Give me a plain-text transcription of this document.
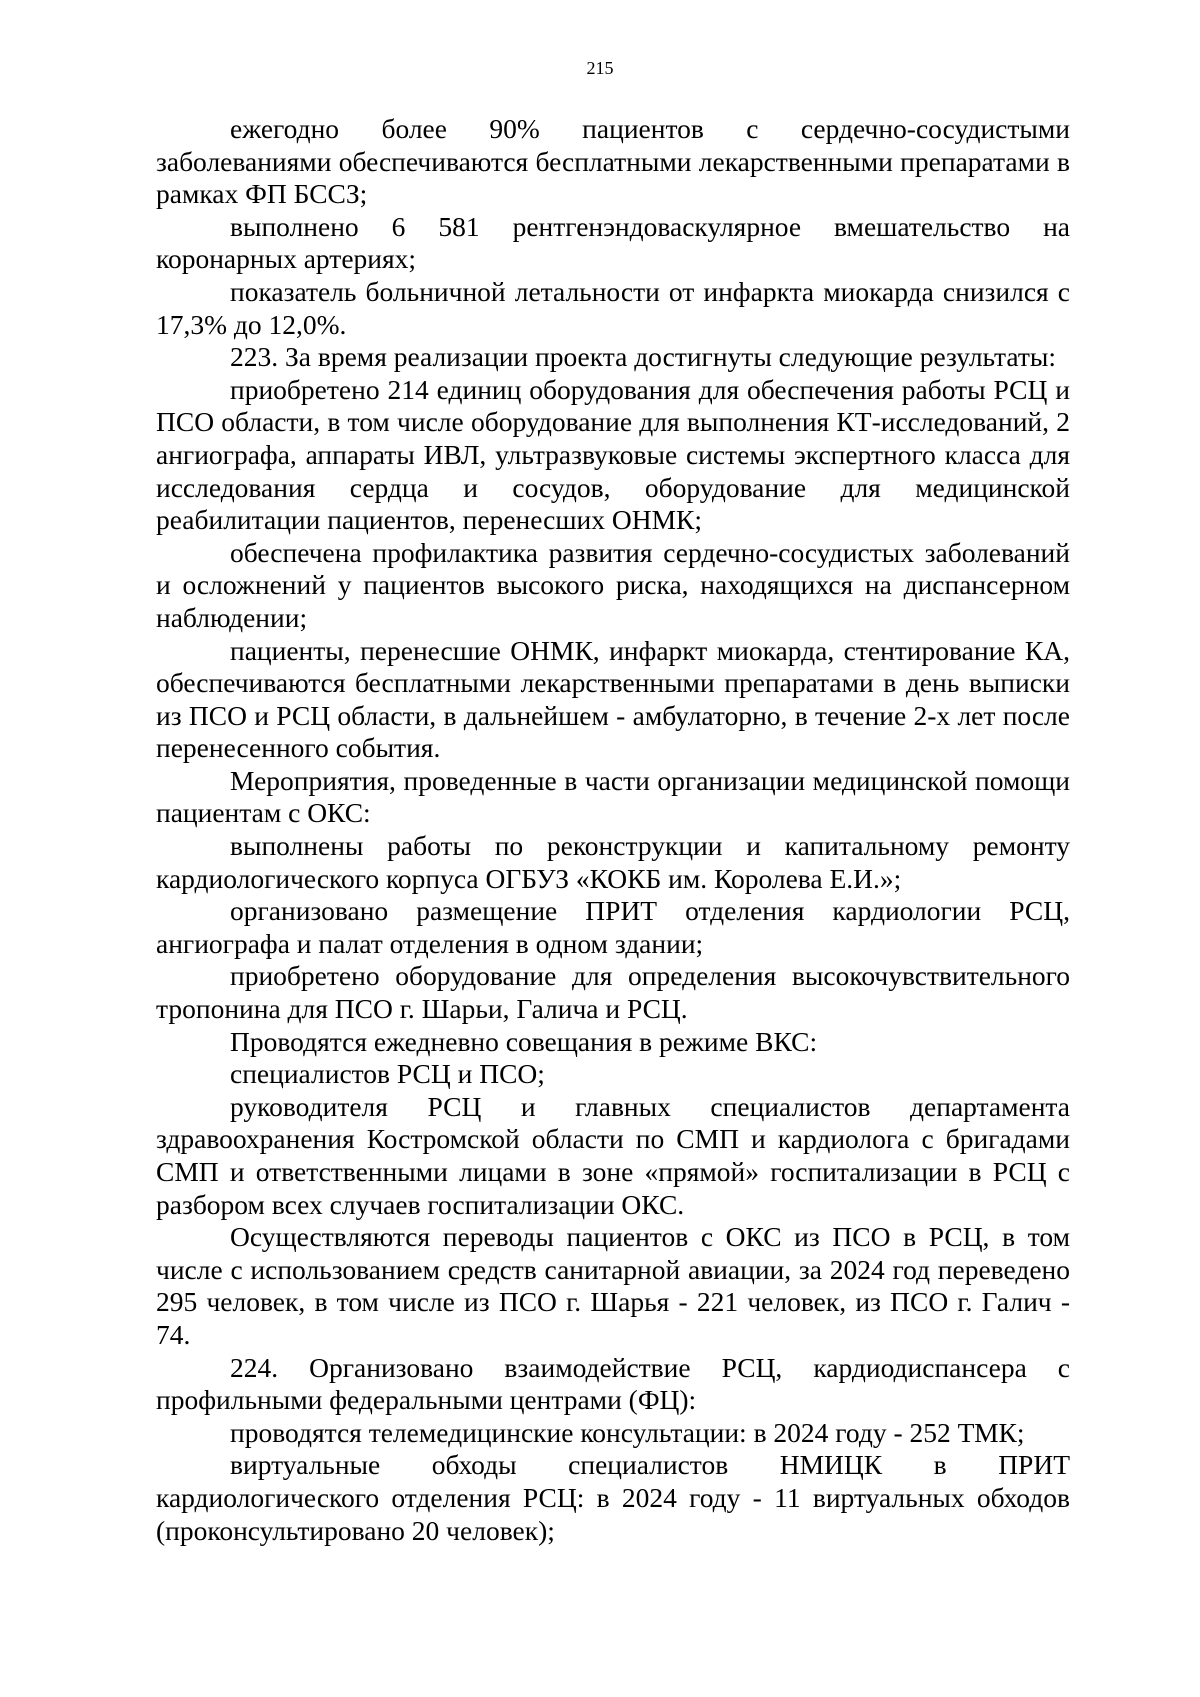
215

ежегодно более 90% пациентов с сердечно-сосудистыми заболеваниями обеспечиваются бесплатными лекарственными препаратами в рамках ФП БССЗ;

выполнено 6 581 рентгенэндоваскулярное вмешательство на коронарных артериях;

показатель больничной летальности от инфаркта миокарда снизился с 17,3% до 12,0%.

223. За время реализации проекта достигнуты следующие результаты:

приобретено 214 единиц оборудования для обеспечения работы РСЦ и ПСО области, в том числе оборудование для выполнения КТ-исследований, 2 ангиографа, аппараты ИВЛ, ультразвуковые системы экспертного класса для исследования сердца и сосудов, оборудование для медицинской реабилитации пациентов, перенесших ОНМК;

обеспечена профилактика развития сердечно-сосудистых заболеваний и осложнений у пациентов высокого риска, находящихся на диспансерном наблюдении;

пациенты, перенесшие ОНМК, инфаркт миокарда, стентирование КА, обеспечиваются бесплатными лекарственными препаратами в день выписки из ПСО и РСЦ области, в дальнейшем - амбулаторно, в течение 2-х лет после перенесенного события.

Мероприятия, проведенные в части организации медицинской помощи пациентам с ОКС:

выполнены работы по реконструкции и капитальному ремонту кардиологического корпуса ОГБУЗ «КОКБ им. Королева Е.И.»;

организовано размещение ПРИТ отделения кардиологии РСЦ, ангиографа и палат отделения в одном здании;

приобретено оборудование для определения высокочувствительного тропонина для ПСО г. Шарьи, Галича и РСЦ.

Проводятся ежедневно совещания в режиме ВКС:

специалистов РСЦ и ПСО;

руководителя РСЦ и главных специалистов департамента здравоохранения Костромской области по СМП и кардиолога с бригадами СМП и ответственными лицами в зоне «прямой» госпитализации в РСЦ с разбором всех случаев госпитализации ОКС.

Осуществляются переводы пациентов с ОКС из ПСО в РСЦ, в том числе с использованием средств санитарной авиации, за 2024 год переведено 295 человек, в том числе из ПСО г. Шарья - 221 человек, из ПСО г. Галич - 74.

224. Организовано взаимодействие РСЦ, кардиодиспансера с профильными федеральными центрами (ФЦ):

проводятся телемедицинские консультации: в 2024 году - 252 ТМК;

виртуальные обходы специалистов НМИЦК в ПРИТ кардиологического отделения РСЦ: в 2024 году - 11 виртуальных обходов (проконсультировано 20 человек);
